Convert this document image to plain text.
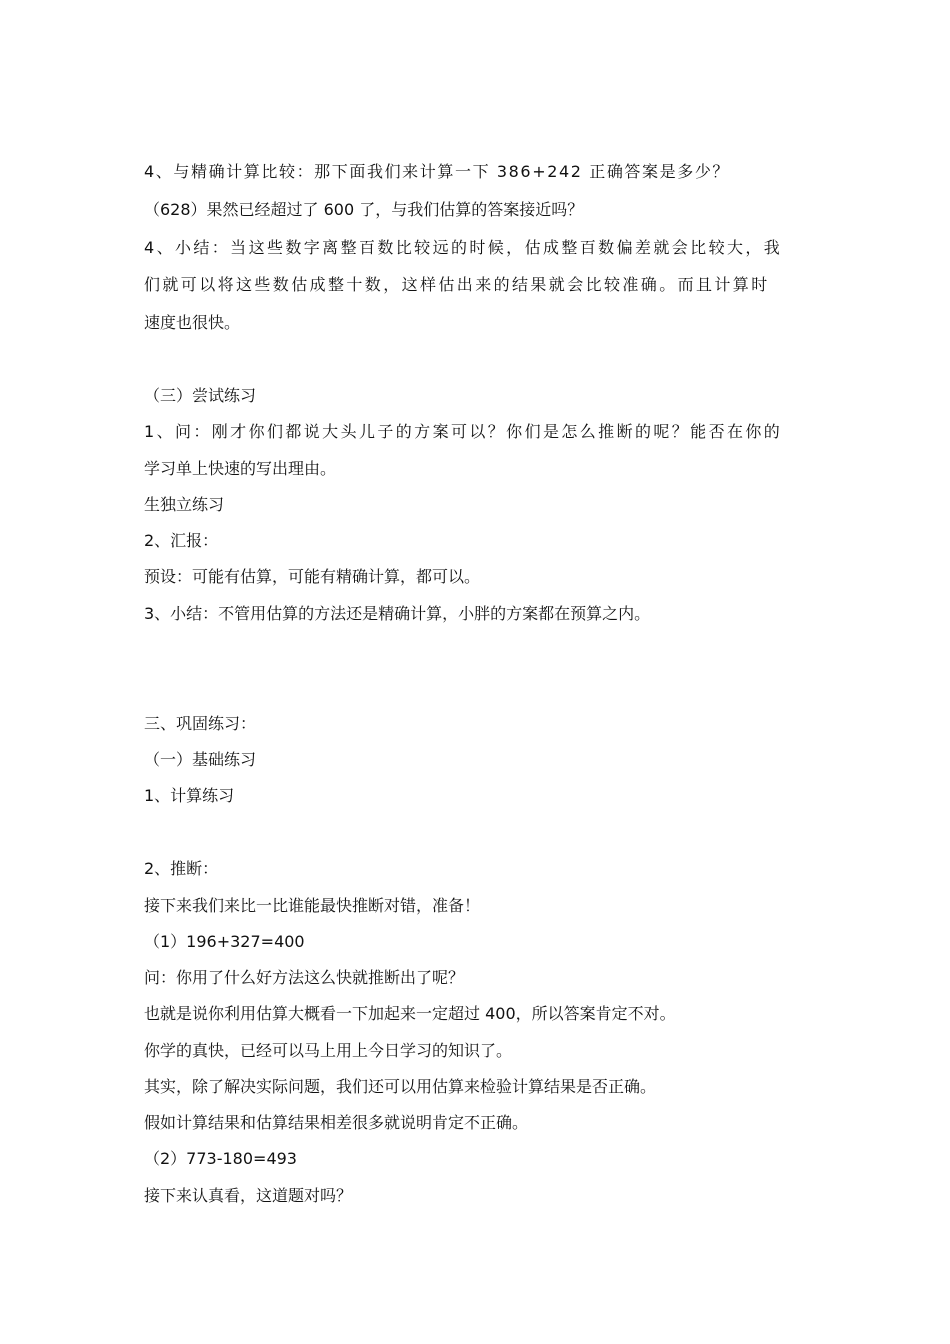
4、与精确计算比较：那下面我们来计算一下 386+242 正确答案是多少？
（628）果然已经超过了 600 了，与我们估算的答案接近吗？
4、小结：当这些数字离整百数比较远的时候，估成整百数偏差就会比较大，我
们就可以将这些数估成整十数，这样估出来的结果就会比较准确。而且计算时
速度也很快。
（三）尝试练习
1、问：刚才你们都说大头儿子的方案可以？你们是怎么推断的呢？能否在你的
学习单上快速的写出理由。
生独立练习
2、汇报：
预设：可能有估算，可能有精确计算，都可以。
3、小结：不管用估算的方法还是精确计算，小胖的方案都在预算之内。
三、巩固练习：
（一）基础练习
1、计算练习
2、推断：
接下来我们来比一比谁能最快推断对错，准备！
（1）196+327=400
问：你用了什么好方法这么快就推断出了呢？
也就是说你利用估算大概看一下加起来一定超过 400，所以答案肯定不对。
你学的真快，已经可以马上用上今日学习的知识了。
其实，除了解决实际问题，我们还可以用估算来检验计算结果是否正确。
假如计算结果和估算结果相差很多就说明肯定不正确。
（2）773-180=493
接下来认真看，这道题对吗？
